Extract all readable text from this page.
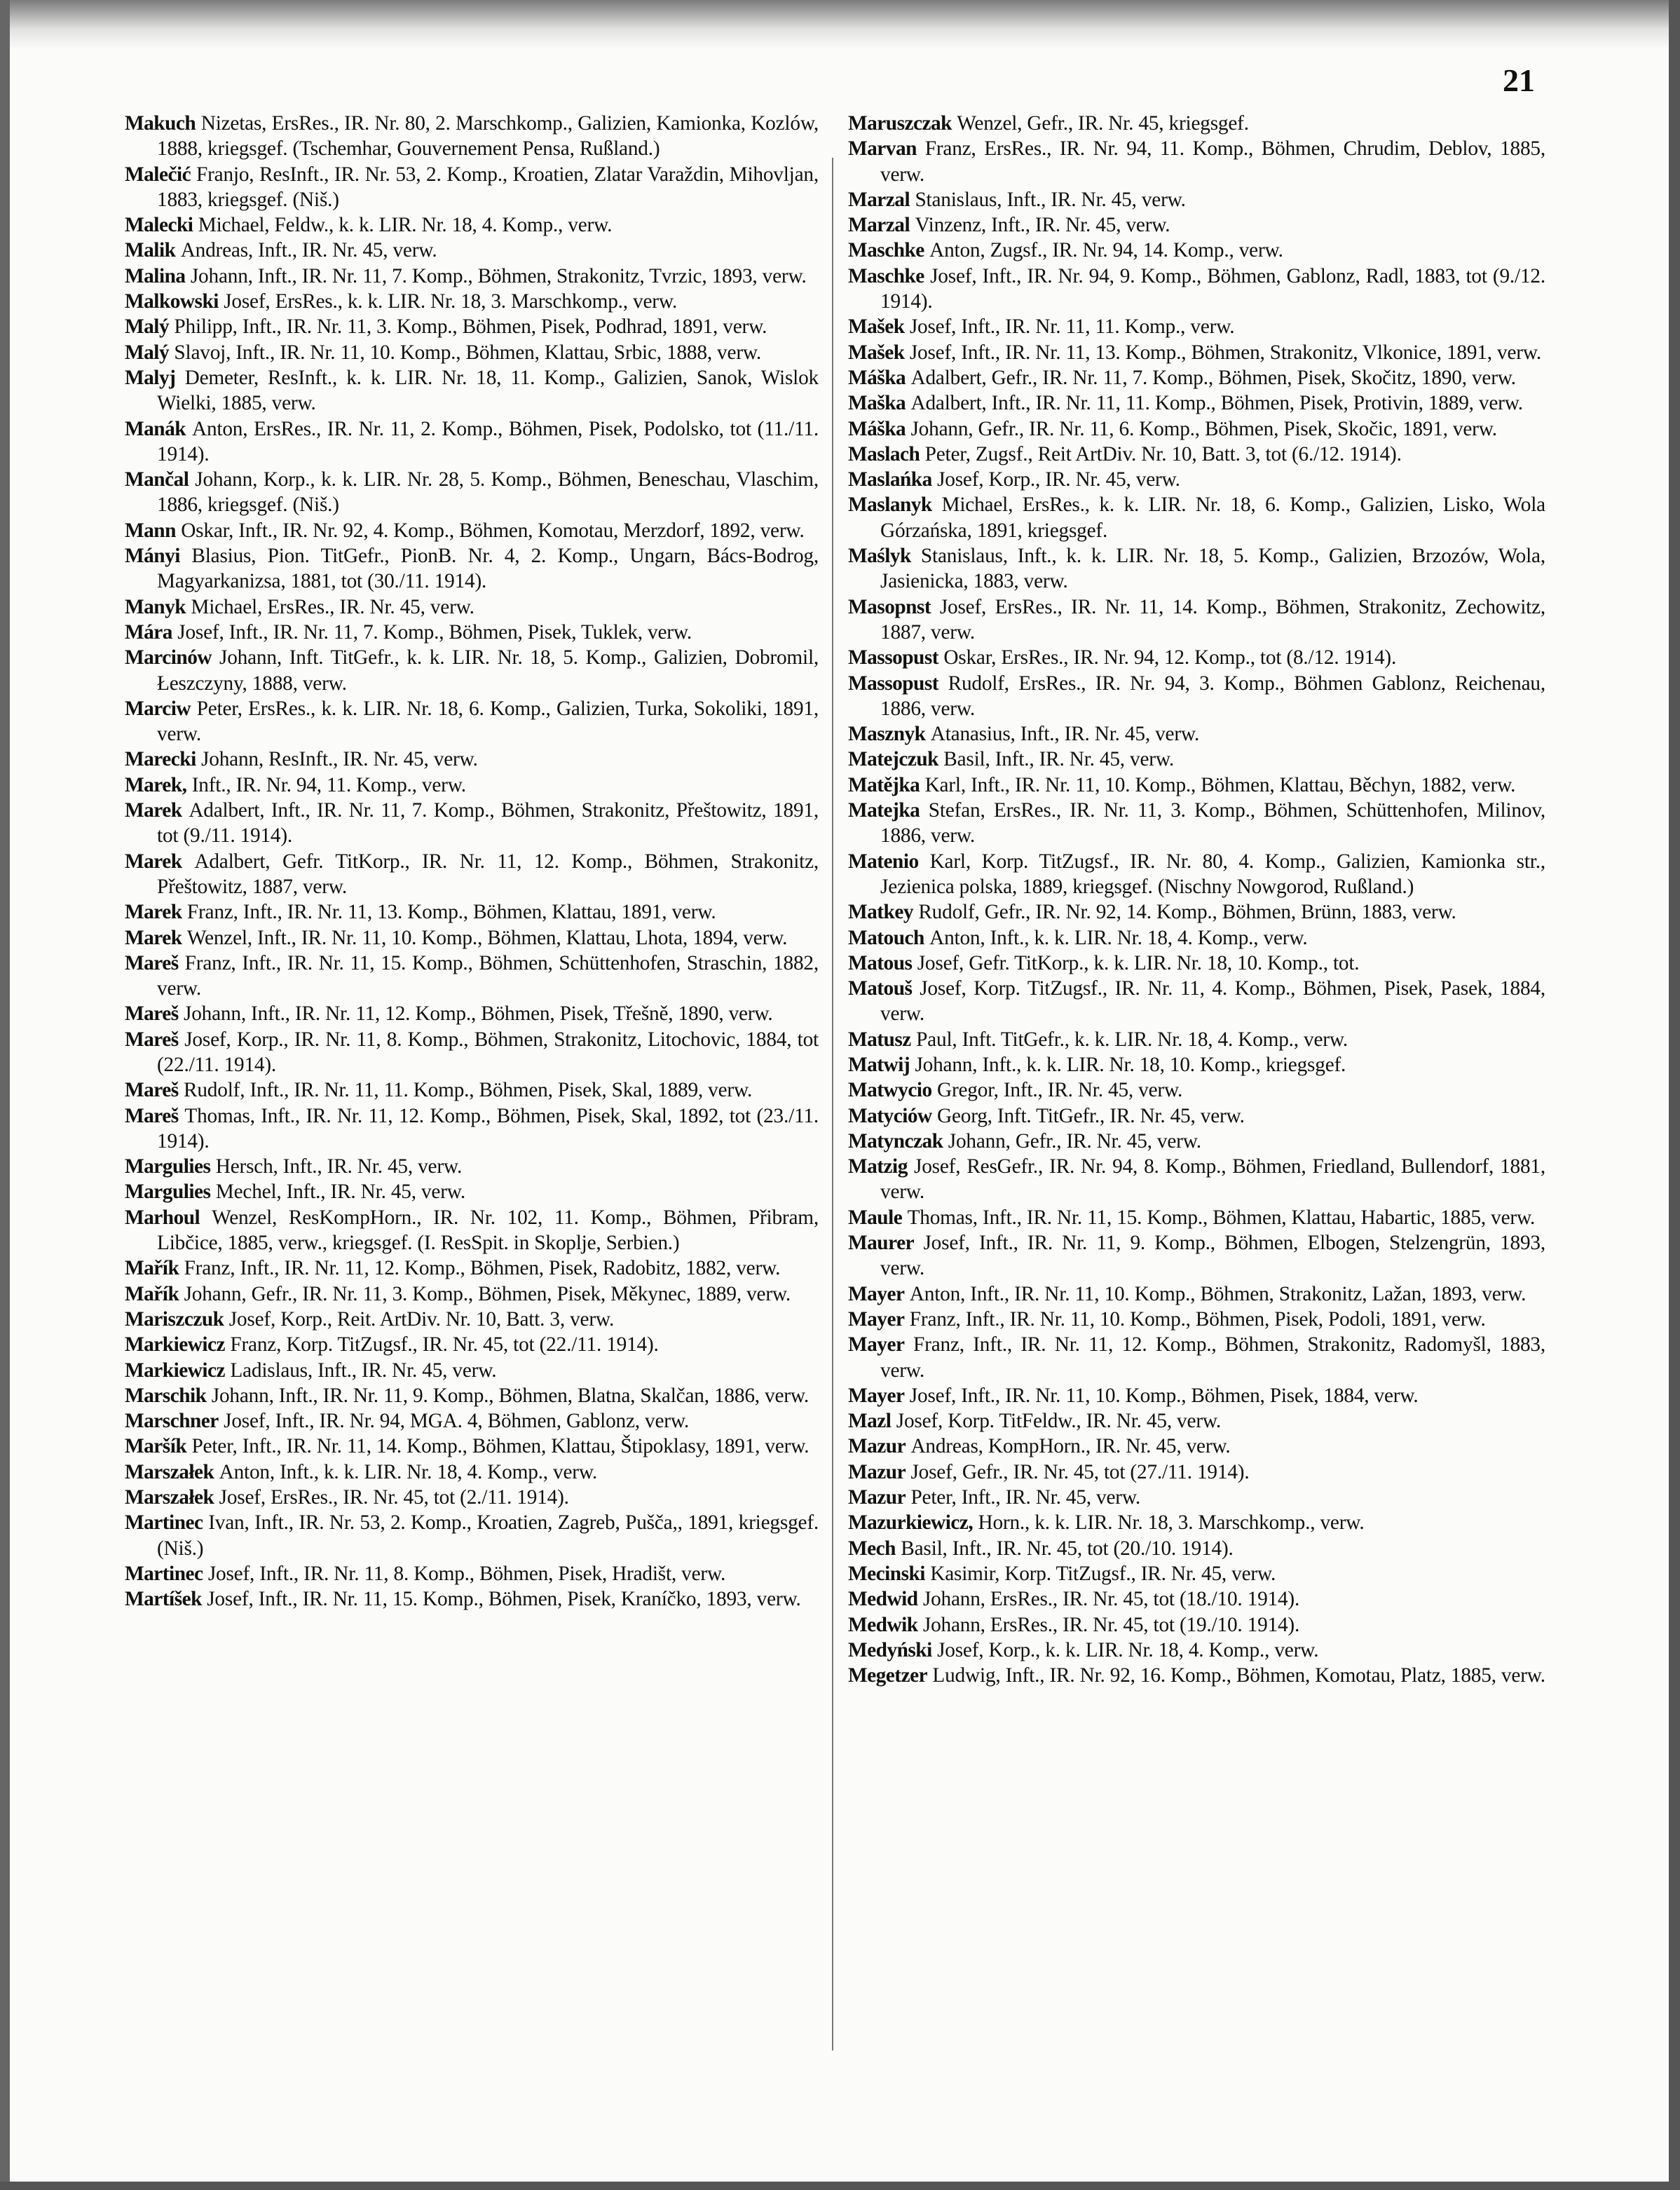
21
Makuch Nizetas, ErsRes., IR. Nr. 80, 2. Marschkomp., Galizien, Kamionka, Kozlów, 1888, kriegsgef. (Tschemhar, Gouvernement Pensa, Rußland.)
Malečić Franjo, ResInft., IR. Nr. 53, 2. Komp., Kroatien, Zlatar Varaždin, Mihovljan, 1883, kriegsgef. (Niš.)
Malecki Michael, Feldw., k. k. LIR. Nr. 18, 4. Komp., verw.
Malik Andreas, Inft., IR. Nr. 45, verw.
Malina Johann, Inft., IR. Nr. 11, 7. Komp., Böhmen, Strakonitz, Tvrzic, 1893, verw.
Malkowski Josef, ErsRes., k. k. LIR. Nr. 18, 3. Marschkomp., verw.
Malý Philipp, Inft., IR. Nr. 11, 3. Komp., Böhmen, Pisek, Podhrad, 1891, verw.
Malý Slavoj, Inft., IR. Nr. 11, 10. Komp., Böhmen, Klattau, Srbic, 1888, verw.
Malyj Demeter, ResInft., k. k. LIR. Nr. 18, 11. Komp., Galizien, Sanok, Wislok Wielki, 1885, verw.
Manák Anton, ErsRes., IR. Nr. 11, 2. Komp., Böhmen, Pisek, Podolsko, tot (11./11. 1914).
Mančal Johann, Korp., k. k. LIR. Nr. 28, 5. Komp., Böhmen, Beneschau, Vlaschim, 1886, kriegsgef. (Niš.)
Mann Oskar, Inft., IR. Nr. 92, 4. Komp., Böhmen, Komotau, Merzdorf, 1892, verw.
Mányi Blasius, Pion. TitGefr., PionB. Nr. 4, 2. Komp., Ungarn, Bács-Bodrog, Magyarkanizsa, 1881, tot (30./11. 1914).
Manyk Michael, ErsRes., IR. Nr. 45, verw.
Mára Josef, Inft., IR. Nr. 11, 7. Komp., Böhmen, Pisek, Tuklek, verw.
Marcinów Johann, Inft. TitGefr., k. k. LIR. Nr. 18, 5. Komp., Galizien, Dobromil, Łeszczyny, 1888, verw.
Marciw Peter, ErsRes., k. k. LIR. Nr. 18, 6. Komp., Galizien, Turka, Sokoliki, 1891, verw.
Marecki Johann, ResInft., IR. Nr. 45, verw.
Marek, Inft., IR. Nr. 94, 11. Komp., verw.
Marek Adalbert, Inft., IR. Nr. 11, 7. Komp., Böhmen, Strakonitz, Přeštowitz, 1891, tot (9./11. 1914).
Marek Adalbert, Gefr. TitKorp., IR. Nr. 11, 12. Komp., Böhmen, Strakonitz, Přeštowitz, 1887, verw.
Marek Franz, Inft., IR. Nr. 11, 13. Komp., Böhmen, Klattau, 1891, verw.
Marek Wenzel, Inft., IR. Nr. 11, 10. Komp., Böhmen, Klattau, Lhota, 1894, verw.
Mareš Franz, Inft., IR. Nr. 11, 15. Komp., Böhmen, Schüttenhofen, Straschin, 1882, verw.
Mareš Johann, Inft., IR. Nr. 11, 12. Komp., Böhmen, Pisek, Třešně, 1890, verw.
Mareš Josef, Korp., IR. Nr. 11, 8. Komp., Böhmen, Strakonitz, Litochovic, 1884, tot (22./11. 1914).
Mareš Rudolf, Inft., IR. Nr. 11, 11. Komp., Böhmen, Pisek, Skal, 1889, verw.
Mareš Thomas, Inft., IR. Nr. 11, 12. Komp., Böhmen, Pisek, Skal, 1892, tot (23./11. 1914).
Margulies Hersch, Inft., IR. Nr. 45, verw.
Margulies Mechel, Inft., IR. Nr. 45, verw.
Marhoul Wenzel, ResKompHorn., IR. Nr. 102, 11. Komp., Böhmen, Přibram, Libčice, 1885, verw., kriegsgef. (I. ResSpit. in Skoplje, Serbien.)
Mařík Franz, Inft., IR. Nr. 11, 12. Komp., Böhmen, Pisek, Radobitz, 1882, verw.
Mařík Johann, Gefr., IR. Nr. 11, 3. Komp., Böhmen, Pisek, Měkynec, 1889, verw.
Mariszczuk Josef, Korp., Reit. ArtDiv. Nr. 10, Batt. 3, verw.
Markiewicz Franz, Korp. TitZugsf., IR. Nr. 45, tot (22./11. 1914).
Markiewicz Ladislaus, Inft., IR. Nr. 45, verw.
Marschik Johann, Inft., IR. Nr. 11, 9. Komp., Böhmen, Blatna, Skalčan, 1886, verw.
Marschner Josef, Inft., IR. Nr. 94, MGA. 4, Böhmen, Gablonz, verw.
Maršík Peter, Inft., IR. Nr. 11, 14. Komp., Böhmen, Klattau, Štipoklasy, 1891, verw.
Marszałek Anton, Inft., k. k. LIR. Nr. 18, 4. Komp., verw.
Marszałek Josef, ErsRes., IR. Nr. 45, tot (2./11. 1914).
Martinec Ivan, Inft., IR. Nr. 53, 2. Komp., Kroatien, Zagreb, Pušča,, 1891, kriegsgef. (Niš.)
Martinec Josef, Inft., IR. Nr. 11, 8. Komp., Böhmen, Pisek, Hradišt, verw.
Martíšek Josef, Inft., IR. Nr. 11, 15. Komp., Böhmen, Pisek, Kraníčko, 1893, verw.
Maruszczak Wenzel, Gefr., IR. Nr. 45, kriegsgef.
Marvan Franz, ErsRes., IR. Nr. 94, 11. Komp., Böhmen, Chrudim, Deblov, 1885, verw.
Marzal Stanislaus, Inft., IR. Nr. 45, verw.
Marzal Vinzenz, Inft., IR. Nr. 45, verw.
Maschke Anton, Zugsf., IR. Nr. 94, 14. Komp., verw.
Maschke Josef, Inft., IR. Nr. 94, 9. Komp., Böhmen, Gablonz, Radl, 1883, tot (9./12. 1914).
Mašek Josef, Inft., IR. Nr. 11, 11. Komp., verw.
Mašek Josef, Inft., IR. Nr. 11, 13. Komp., Böhmen, Strakonitz, Vlkonice, 1891, verw.
Máška Adalbert, Gefr., IR. Nr. 11, 7. Komp., Böhmen, Pisek, Skočitz, 1890, verw.
Maška Adalbert, Inft., IR. Nr. 11, 11. Komp., Böhmen, Pisek, Protivin, 1889, verw.
Máška Johann, Gefr., IR. Nr. 11, 6. Komp., Böhmen, Pisek, Skočic, 1891, verw.
Maslach Peter, Zugsf., Reit ArtDiv. Nr. 10, Batt. 3, tot (6./12. 1914).
Maslańka Josef, Korp., IR. Nr. 45, verw.
Maslanyk Michael, ErsRes., k. k. LIR. Nr. 18, 6. Komp., Galizien, Lisko, Wola Górzańska, 1891, kriegsgef.
Maślyk Stanislaus, Inft., k. k. LIR. Nr. 18, 5. Komp., Galizien, Brzozów, Wola, Jasienicka, 1883, verw.
Masopnst Josef, ErsRes., IR. Nr. 11, 14. Komp., Böhmen, Strakonitz, Zechowitz, 1887, verw.
Massopust Oskar, ErsRes., IR. Nr. 94, 12. Komp., tot (8./12. 1914).
Massopust Rudolf, ErsRes., IR. Nr. 94, 3. Komp., Böhmen Gablonz, Reichenau, 1886, verw.
Masznyk Atanasius, Inft., IR. Nr. 45, verw.
Matejczuk Basil, Inft., IR. Nr. 45, verw.
Matějka Karl, Inft., IR. Nr. 11, 10. Komp., Böhmen, Klattau, Běchyn, 1882, verw.
Matejka Stefan, ErsRes., IR. Nr. 11, 3. Komp., Böhmen, Schüttenhofen, Milinov, 1886, verw.
Matenio Karl, Korp. TitZugsf., IR. Nr. 80, 4. Komp., Galizien, Kamionka str., Jezienica polska, 1889, kriegsgef. (Nischny Nowgorod, Rußland.)
Matkey Rudolf, Gefr., IR. Nr. 92, 14. Komp., Böhmen, Brünn, 1883, verw.
Matouch Anton, Inft., k. k. LIR. Nr. 18, 4. Komp., verw.
Matous Josef, Gefr. TitKorp., k. k. LIR. Nr. 18, 10. Komp., tot.
Matouš Josef, Korp. TitZugsf., IR. Nr. 11, 4. Komp., Böhmen, Pisek, Pasek, 1884, verw.
Matusz Paul, Inft. TitGefr., k. k. LIR. Nr. 18, 4. Komp., verw.
Matwij Johann, Inft., k. k. LIR. Nr. 18, 10. Komp., kriegsgef.
Matwycio Gregor, Inft., IR. Nr. 45, verw.
Matyciów Georg, Inft. TitGefr., IR. Nr. 45, verw.
Matynczak Johann, Gefr., IR. Nr. 45, verw.
Matzig Josef, ResGefr., IR. Nr. 94, 8. Komp., Böhmen, Friedland, Bullendorf, 1881, verw.
Maule Thomas, Inft., IR. Nr. 11, 15. Komp., Böhmen, Klattau, Habartic, 1885, verw.
Maurer Josef, Inft., IR. Nr. 11, 9. Komp., Böhmen, Elbogen, Stelzengrün, 1893, verw.
Mayer Anton, Inft., IR. Nr. 11, 10. Komp., Böhmen, Strakonitz, Lažan, 1893, verw.
Mayer Franz, Inft., IR. Nr. 11, 10. Komp., Böhmen, Pisek, Podoli, 1891, verw.
Mayer Franz, Inft., IR. Nr. 11, 12. Komp., Böhmen, Strakonitz, Radomyšl, 1883, verw.
Mayer Josef, Inft., IR. Nr. 11, 10. Komp., Böhmen, Pisek, 1884, verw.
Mazl Josef, Korp. TitFeldw., IR. Nr. 45, verw.
Mazur Andreas, KompHorn., IR. Nr. 45, verw.
Mazur Josef, Gefr., IR. Nr. 45, tot (27./11. 1914).
Mazur Peter, Inft., IR. Nr. 45, verw.
Mazurkiewicz, Horn., k. k. LIR. Nr. 18, 3. Marschkomp., verw.
Mech Basil, Inft., IR. Nr. 45, tot (20./10. 1914).
Mecinski Kasimir, Korp. TitZugsf., IR. Nr. 45, verw.
Medwid Johann, ErsRes., IR. Nr. 45, tot (18./10. 1914).
Medwik Johann, ErsRes., IR. Nr. 45, tot (19./10. 1914).
Medyński Josef, Korp., k. k. LIR. Nr. 18, 4. Komp., verw.
Megetzer Ludwig, Inft., IR. Nr. 92, 16. Komp., Böhmen, Komotau, Platz, 1885, verw.
